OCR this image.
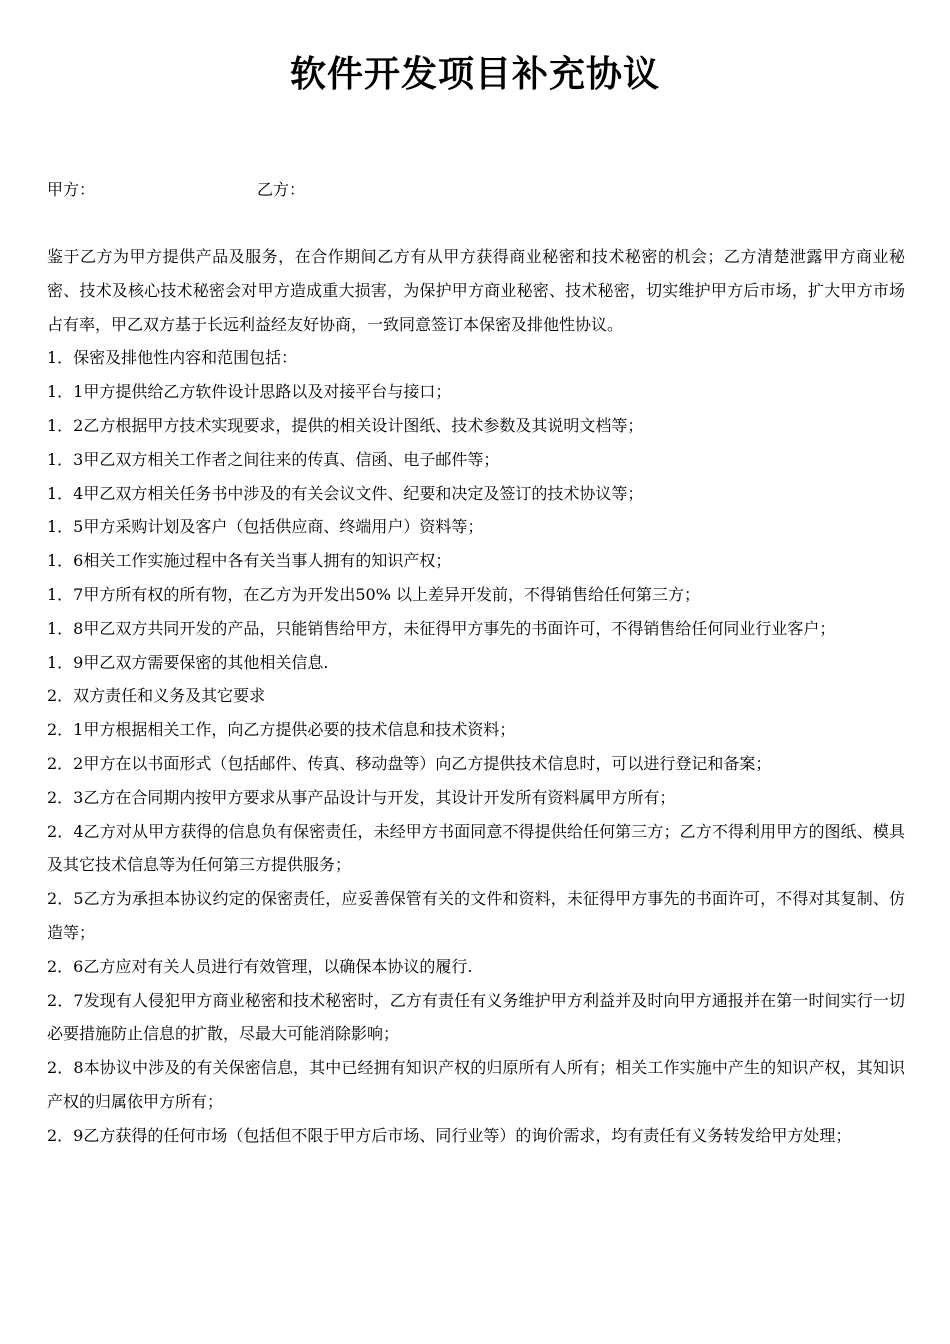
软件开发项目补充协议
甲方：	乙方：

鉴于乙方为甲方提供产品及服务，在合作期间乙方有从甲方获得商业秘密和技术秘密的机会；乙方清楚泄露甲方商业秘密、技术及核心技术秘密会对甲方造成重大损害，为保护甲方商业秘密、技术秘密，切实维护甲方后市场，扩大甲方市场占有率，甲乙双方基于长远利益经友好协商，一致同意签订本保密及排他性协议。

1．保密及排他性内容和范围包括：

1．1甲方提供给乙方软件设计思路以及对接平台与接口；

1．2乙方根据甲方技术实现要求，提供的相关设计图纸、技术参数及其说明文档等；

1．3甲乙双方相关工作者之间往来的传真、信函、电子邮件等；

1．4甲乙双方相关任务书中涉及的有关会议文件、纪要和决定及签订的技术协议等；

1．5甲方采购计划及客户（包括供应商、终端用户）资料等；

1．6相关工作实施过程中各有关当事人拥有的知识产权；

1．7甲方所有权的所有物，在乙方为开发出50% 以上差异开发前，不得销售给任何第三方；

1．8甲乙双方共同开发的产品，只能销售给甲方，未征得甲方事先的书面许可，不得销售给任何同业行业客户；

1．9甲乙双方需要保密的其他相关信息.

2．双方责任和义务及其它要求

2．1甲方根据相关工作，向乙方提供必要的技术信息和技术资料；

2．2甲方在以书面形式（包括邮件、传真、移动盘等）向乙方提供技术信息时，可以进行登记和备案；

2．3乙方在合同期内按甲方要求从事产品设计与开发，其设计开发所有资料属甲方所有；

2．4乙方对从甲方获得的信息负有保密责任，未经甲方书面同意不得提供给任何第三方；乙方不得利用甲方的图纸、模具及其它技术信息等为任何第三方提供服务；

2．5乙方为承担本协议约定的保密责任，应妥善保管有关的文件和资料，未征得甲方事先的书面许可，不得对其复制、仿造等；

2．6乙方应对有关人员进行有效管理，以确保本协议的履行.

2．7发现有人侵犯甲方商业秘密和技术秘密时，乙方有责任有义务维护甲方利益并及时向甲方通报并在第一时间实行一切必要措施防止信息的扩散，尽最大可能消除影响；

2．8本协议中涉及的有关保密信息，其中已经拥有知识产权的归原所有人所有；相关工作实施中产生的知识产权，其知识产权的归属依甲方所有；

2．9乙方获得的任何市场（包括但不限于甲方后市场、同行业等）的询价需求，均有责任有义务转发给甲方处理；
